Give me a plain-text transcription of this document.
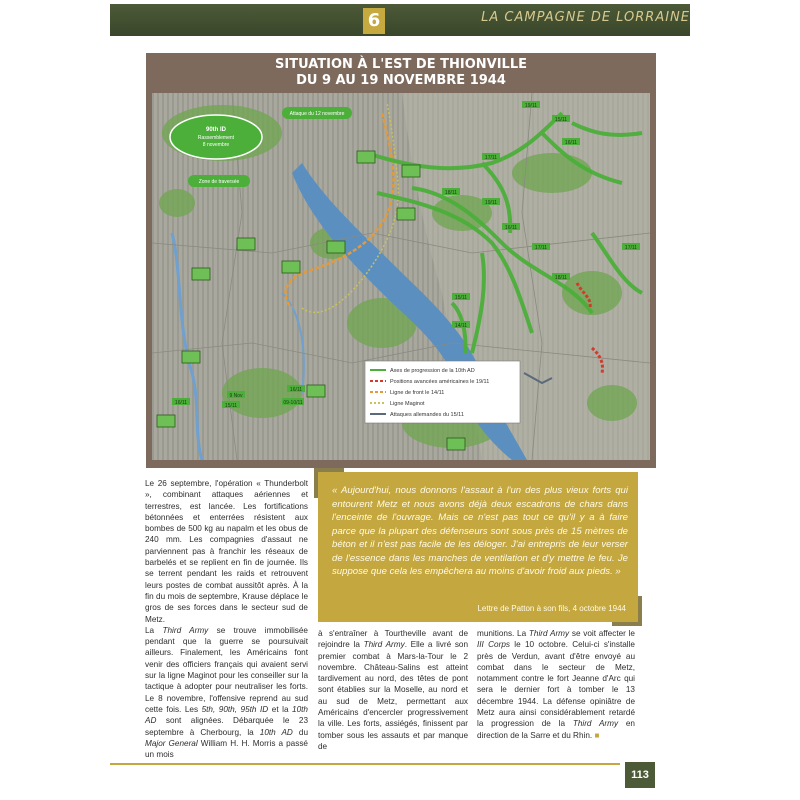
6	LA CAMPAGNE DE LORRAINE
SITUATION À L'EST DE THIONVILLE
DU 9 AU 19 NOVEMBRE 1944
90th ID
Rassemblement
8 novembre
Zone de traversée
Attaque du 12 novembre
19/11
15/11
16/11
17/11
18/11
19/11
16/11
17/11
15/11
14/11
16/11	15/11
17/11
18/11
09-10/11
16/11
9 Nov
Axes de progression de la 10th AD
Positions avancées américaines le 19/11
Ligne de front le 14/11
Ligne Maginot
Attaques allemandes du 15/11

Le 26 septembre, l'opération « Thunderbolt », combinant attaques aériennes et terrestres, est lancée. Les fortifications bétonnées et enterrées résistent aux bombes de 500 kg au napalm et les obus de 240 mm. Les compagnies d'assaut ne parviennent pas à franchir les réseaux de barbelés et se replient en fin de journée. Ils se terrent pendant les raids et retrouvent leurs postes de combat aussitôt après. À la fin du mois de septembre, Krause déplace le gros de ses forces dans le secteur sud de Metz.

La Third Army se trouve immobilisée pendant que la guerre se poursuivait ailleurs. Finalement, les Américains font venir des officiers français qui avaient servi sur la ligne Maginot pour les conseiller sur la tactique à adopter pour neutraliser les forts. Le 8 novembre, l'offensive reprend au sud cette fois. Les 5th, 90th, 95th ID et la 10th AD sont alignées. Débarquée le 23 septembre à Cherbourg, la 10th AD du Major General William H. H. Morris a passé un mois

« Aujourd'hui, nous donnons l'assaut à l'un des plus vieux forts qui entourent Metz et nous avons déjà deux escadrons de chars dans l'enceinte de l'ouvrage. Mais ce n'est pas tout ce qu'il y a à faire parce que la plupart des défenseurs sont sous près de 15 mètres de béton et il n'est pas facile de les déloger. J'ai entrepris de leur verser de l'essence dans les manches de ventilation et d'y mettre le feu. Je suppose que cela les empêchera au moins d'avoir froid aux pieds. »
Lettre de Patton à son fils, 4 octobre 1944

à s'entraîner à Tourtheville avant de rejoindre la Third Army. Elle a livré son premier combat à Mars-la-Tour le 2 novembre. Château-Salins est atteint tardivement au nord, des têtes de pont sont établies sur la Moselle, au nord et au sud de Metz, permettant aux Américains d'encercler progressivement la ville. Les forts, assiégés, finissent par tomber sous les assauts et par manque de

munitions. La Third Army se voit affecter le III Corps le 10 octobre. Celui-ci s'installe près de Verdun, avant d'être envoyé au combat dans le secteur de Metz, notamment contre le fort Jeanne d'Arc qui sera le dernier fort à tomber le 13 décembre 1944. La défense opiniâtre de Metz aura ainsi considérablement retardé la progression de la Third Army en direction de la Sarre et du Rhin. ■

113
